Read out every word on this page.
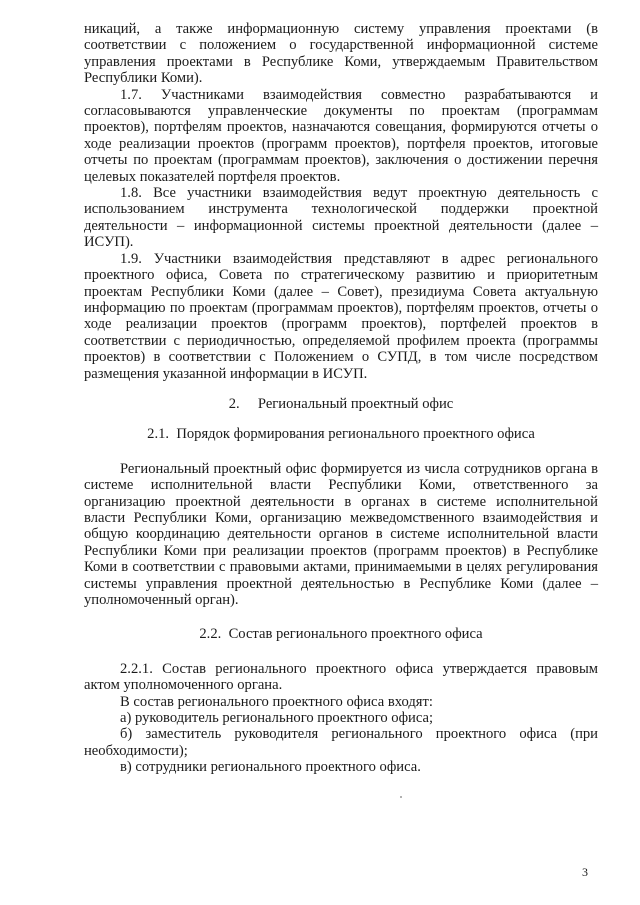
никаций, а также информационную систему управления проектами (в соответствии с положением о государственной информационной системе управления проектами в Республике Коми, утверждаемым Правительством Республики Коми).

1.7. Участниками взаимодействия совместно разрабатываются и согласовываются управленческие документы по проектам (программам проектов), портфелям проектов, назначаются совещания, формируются отчеты о ходе реализации проектов (программ проектов), портфеля проектов, итоговые отчеты по проектам (программам проектов), заключения о достижении перечня целевых показателей портфеля проектов.

1.8. Все участники взаимодействия ведут проектную деятельность с использованием инструмента технологической поддержки проектной деятельности – информационной системы проектной деятельности (далее – ИСУП).

1.9. Участники взаимодействия представляют в адрес регионального проектного офиса, Совета по стратегическому развитию и приоритетным проектам Республики Коми (далее – Совет), президиума Совета актуальную информацию по проектам (программам проектов), портфелям проектов, отчеты о ходе реализации проектов (программ проектов), портфелей проектов в соответствии с периодичностью, определяемой профилем проекта (программы проектов) в соответствии с Положением о СУПД, в том числе посредством размещения указанной информации в ИСУП.

2.     Региональный проектный офис

2.1.  Порядок формирования регионального проектного офиса

Региональный проектный офис формируется из числа сотрудников органа в системе исполнительной власти Республики Коми, ответственного за организацию проектной деятельности в органах в системе исполнительной власти Республики Коми, организацию межведомственного взаимодействия и общую координацию деятельности органов в системе исполнительной власти Республики Коми при реализации проектов (программ проектов) в Республике Коми в соответствии с правовыми актами, принимаемыми в целях регулирования системы управления проектной деятельностью в Республике Коми (далее – уполномоченный орган).

2.2.  Состав регионального проектного офиса

2.2.1. Состав регионального проектного офиса утверждается правовым актом уполномоченного органа.

В состав регионального проектного офиса входят:

а) руководитель регионального проектного офиса;

б) заместитель руководителя регионального проектного офиса (при необходимости);

в) сотрудники регионального проектного офиса.

3
